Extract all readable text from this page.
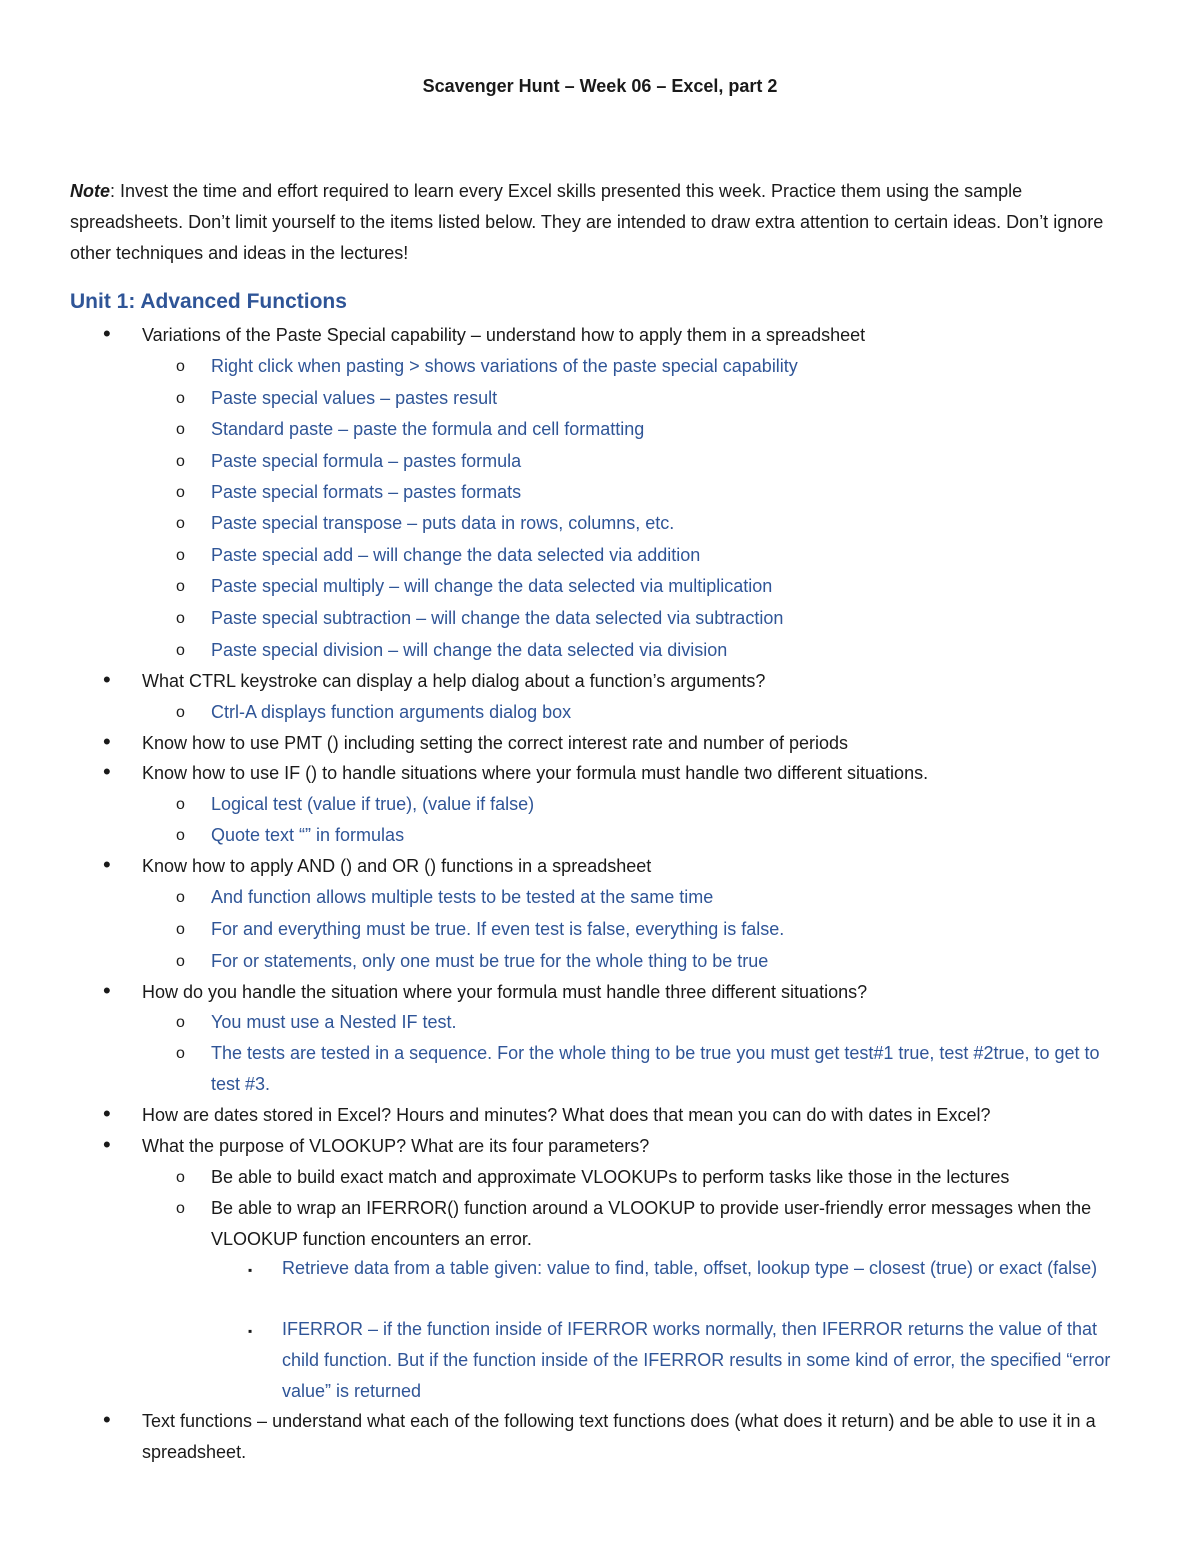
Scavenger Hunt – Week 06 – Excel, part 2
Note: Invest the time and effort required to learn every Excel skills presented this week. Practice them using the sample spreadsheets. Don’t limit yourself to the items listed below. They are intended to draw extra attention to certain ideas. Don’t ignore other techniques and ideas in the lectures!
Unit 1: Advanced Functions
• Variations of the Paste Special capability – understand how to apply them in a spreadsheet
o Right click when pasting > shows variations of the paste special capability
o Paste special values – pastes result
o Standard paste – paste the formula and cell formatting
o Paste special formula – pastes formula
o Paste special formats – pastes formats
o Paste special transpose – puts data in rows, columns, etc.
o Paste special add – will change the data selected via addition
o Paste special multiply – will change the data selected via multiplication
o Paste special subtraction – will change the data selected via subtraction
o Paste special division – will change the data selected via division
• What CTRL keystroke can display a help dialog about a function’s arguments?
o Ctrl-A displays function arguments dialog box
• Know how to use PMT () including setting the correct interest rate and number of periods
• Know how to use IF () to handle situations where your formula must handle two different situations.
o Logical test (value if true), (value if false)
o Quote text “” in formulas
• Know how to apply AND () and OR () functions in a spreadsheet
o And function allows multiple tests to be tested at the same time
o For and everything must be true. If even test is false, everything is false.
o For or statements, only one must be true for the whole thing to be true
• How do you handle the situation where your formula must handle three different situations?
o You must use a Nested IF test.
o The tests are tested in a sequence. For the whole thing to be true you must get test#1 true, test #2true, to get to test #3.
• How are dates stored in Excel? Hours and minutes? What does that mean you can do with dates in Excel?
• What the purpose of VLOOKUP? What are its four parameters?
o Be able to build exact match and approximate VLOOKUPs to perform tasks like those in the lectures
o Be able to wrap an IFERROR() function around a VLOOKUP to provide user-friendly error messages when the VLOOKUP function encounters an error.
▪ Retrieve data from a table given: value to find, table, offset, lookup type – closest (true) or exact (false)
▪ IFERROR – if the function inside of IFERROR works normally, then IFERROR returns the value of that child function. But if the function inside of the IFERROR results in some kind of error, the specified “error value” is returned
• Text functions – understand what each of the following text functions does (what does it return) and be able to use it in a spreadsheet.
